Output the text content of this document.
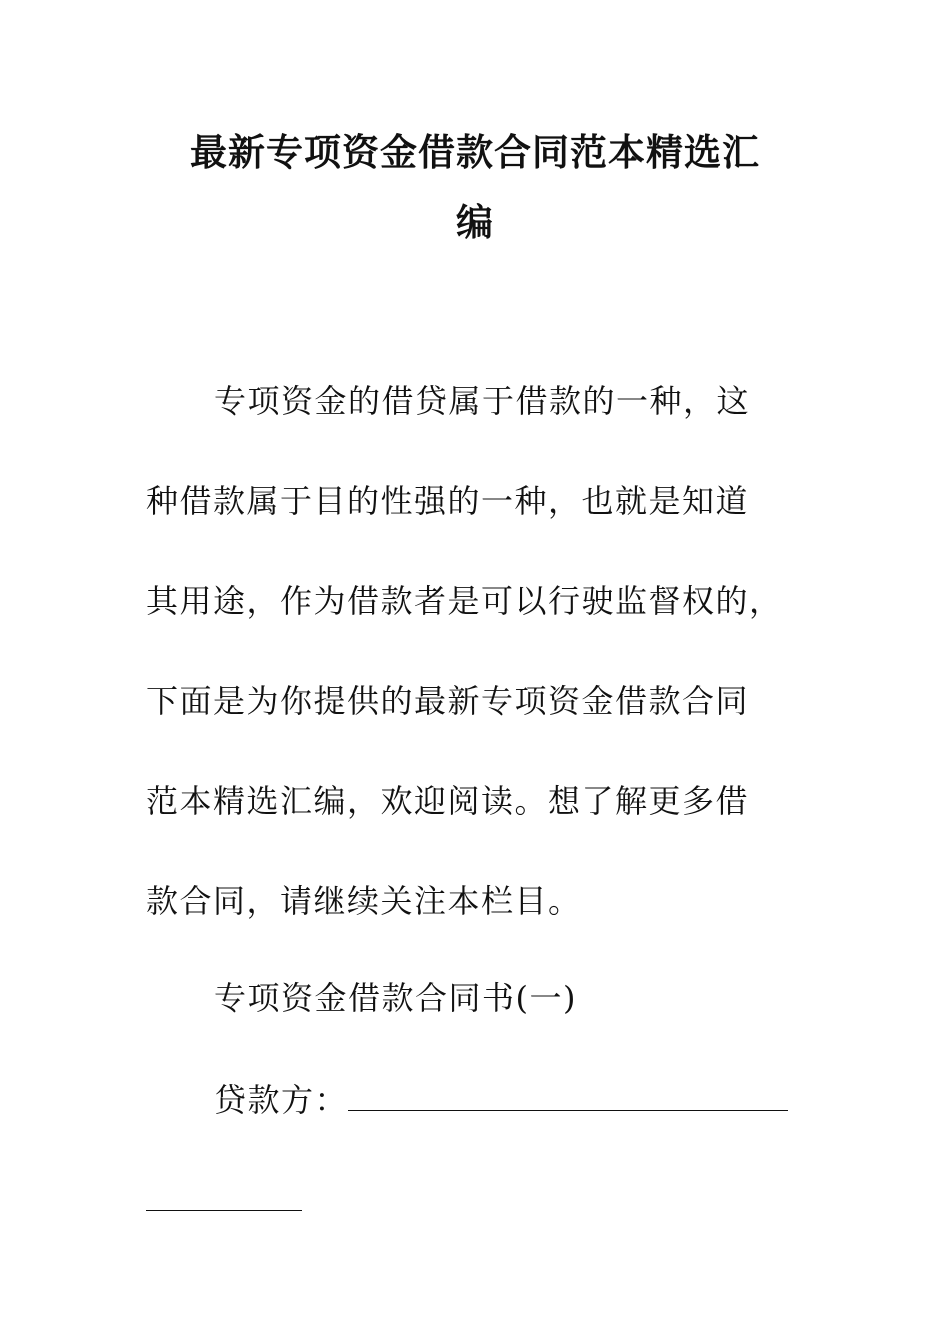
最新专项资金借款合同范本精选汇
编

专项资金的借贷属于借款的一种，这

种借款属于目的性强的一种，也就是知道

其用途，作为借款者是可以行驶监督权的，

下面是为你提供的最新专项资金借款合同

范本精选汇编，欢迎阅读。想了解更多借

款合同，请继续关注本栏目。

专项资金借款合同书(一)

贷款方：
